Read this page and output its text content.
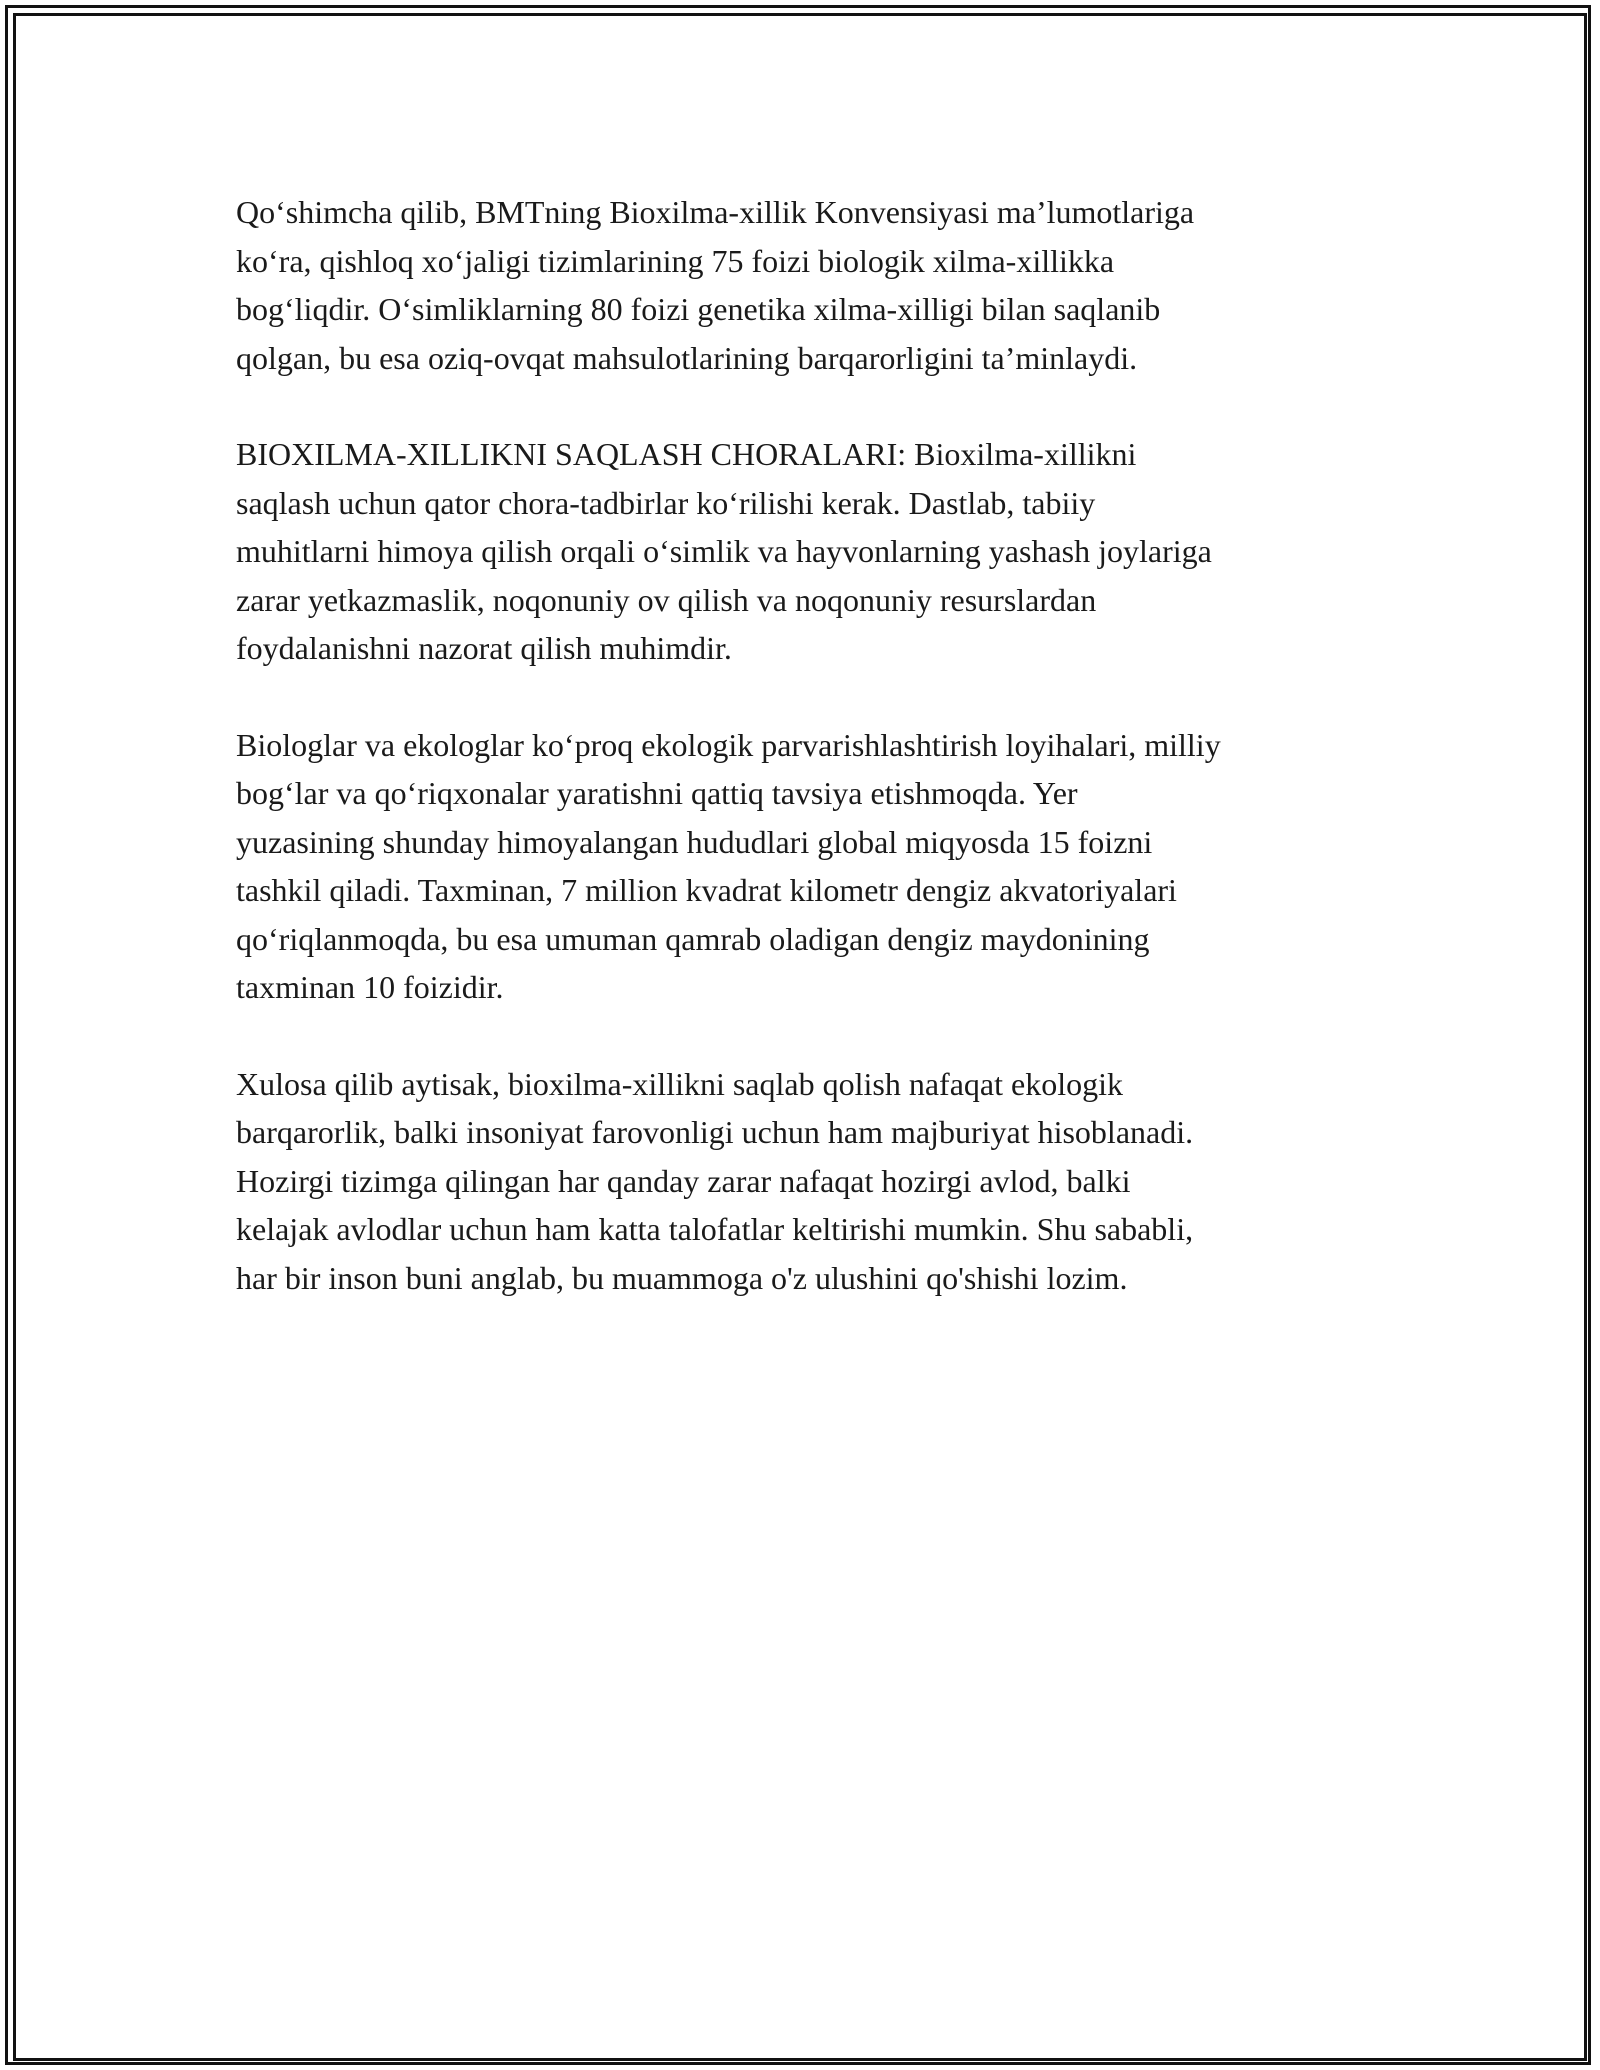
Qo‘shimcha qilib, BMTning Bioxilma-xillik Konvensiyasi ma’lumotlariga
ko‘ra, qishloq xo‘jaligi tizimlarining 75 foizi biologik xilma-xillikka
bog‘liqdir. O‘simliklarning 80 foizi genetika xilma-xilligi bilan saqlanib
qolgan, bu esa oziq-ovqat mahsulotlarining barqarorligini ta’minlaydi.

BIOXILMA-XILLIKNI SAQLASH CHORALARI: Bioxilma-xillikni
saqlash uchun qator chora-tadbirlar ko‘rilishi kerak. Dastlab, tabiiy
muhitlarni himoya qilish orqali o‘simlik va hayvonlarning yashash joylariga
zarar yetkazmaslik, noqonuniy ov qilish va noqonuniy resurslardan
foydalanishni nazorat qilish muhimdir.

Biologlar va ekologlar ko‘proq ekologik parvarishlashtirish loyihalari, milliy
bog‘lar va qo‘riqxonalar yaratishni qattiq tavsiya etishmoqda. Yer
yuzasining shunday himoyalangan hududlari global miqyosda 15 foizni
tashkil qiladi. Taxminan, 7 million kvadrat kilometr dengiz akvatoriyalari
qo‘riqlanmoqda, bu esa umuman qamrab oladigan dengiz maydonining
taxminan 10 foizidir.

Xulosa qilib aytisak, bioxilma-xillikni saqlab qolish nafaqat ekologik
barqarorlik, balki insoniyat farovonligi uchun ham majburiyat hisoblanadi.
Hozirgi tizimga qilingan har qanday zarar nafaqat hozirgi avlod, balki
kelajak avlodlar uchun ham katta talofatlar keltirishi mumkin. Shu sababli,
har bir inson buni anglab, bu muammoga o'z ulushini qo'shishi lozim.
